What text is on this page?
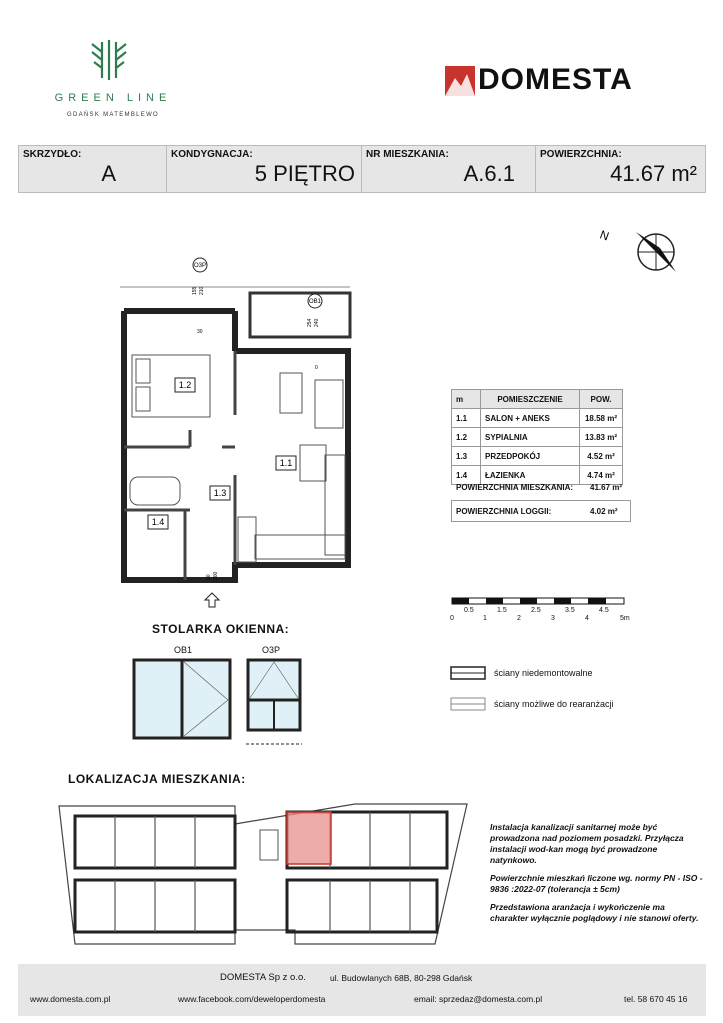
GREEN LINE
GDAŃSK MATEMBLEWO
DOMESTA
SKRZYDŁO:
A
KONDYGNACJA:
5 PIĘTRO
NR MIESZKANIA:
A.6.1
POWIERZCHNIA:
41.67 m²
N
1.2
1.1
1.3
1.4
O3P
OB1
155 210
30
254 240
90 200
0
m	POMIESZCZENIE	POW.
1.1	SALON + ANEKS	18.58 m²
1.2	SYPIALNIA	13.83 m²
1.3	PRZEDPOKÓJ	4.52 m²
1.4	ŁAZIENKA	4.74 m²
POWIERZCHNIA MIESZKANIA: 41.67 m²
POWIERZCHNIA LOGGII:	4.02 m²
0
0.5
1
1.5
2
2.5
3
3.5
4
4.5
5m
STOLARKA OKIENNA:
OB1	O3P
ściany niedemontowalne
ściany możliwe do rearanżacji
LOKALIZACJA MIESZKANIA:

Instalacja kanalizacji sanitarnej może być prowadzona nad poziomem posadzki. Przyłącza instalacji wod-kan mogą być prowadzone natynkowo.

Powierzchnie mieszkań liczone wg. normy PN - ISO - 9836 :2022-07 (tolerancja ± 5cm)

Przedstawiona aranżacja i wykończenie ma charakter wyłącznie poglądowy i nie stanowi oferty.

DOMESTA Sp z o.o.	ul. Budowlanych 68B, 80-298 Gdańsk
www.domesta.com.pl	www.facebook.com/deweloperdomesta	email: sprzedaz@domesta.com.pl	tel. 58 670 45 16
